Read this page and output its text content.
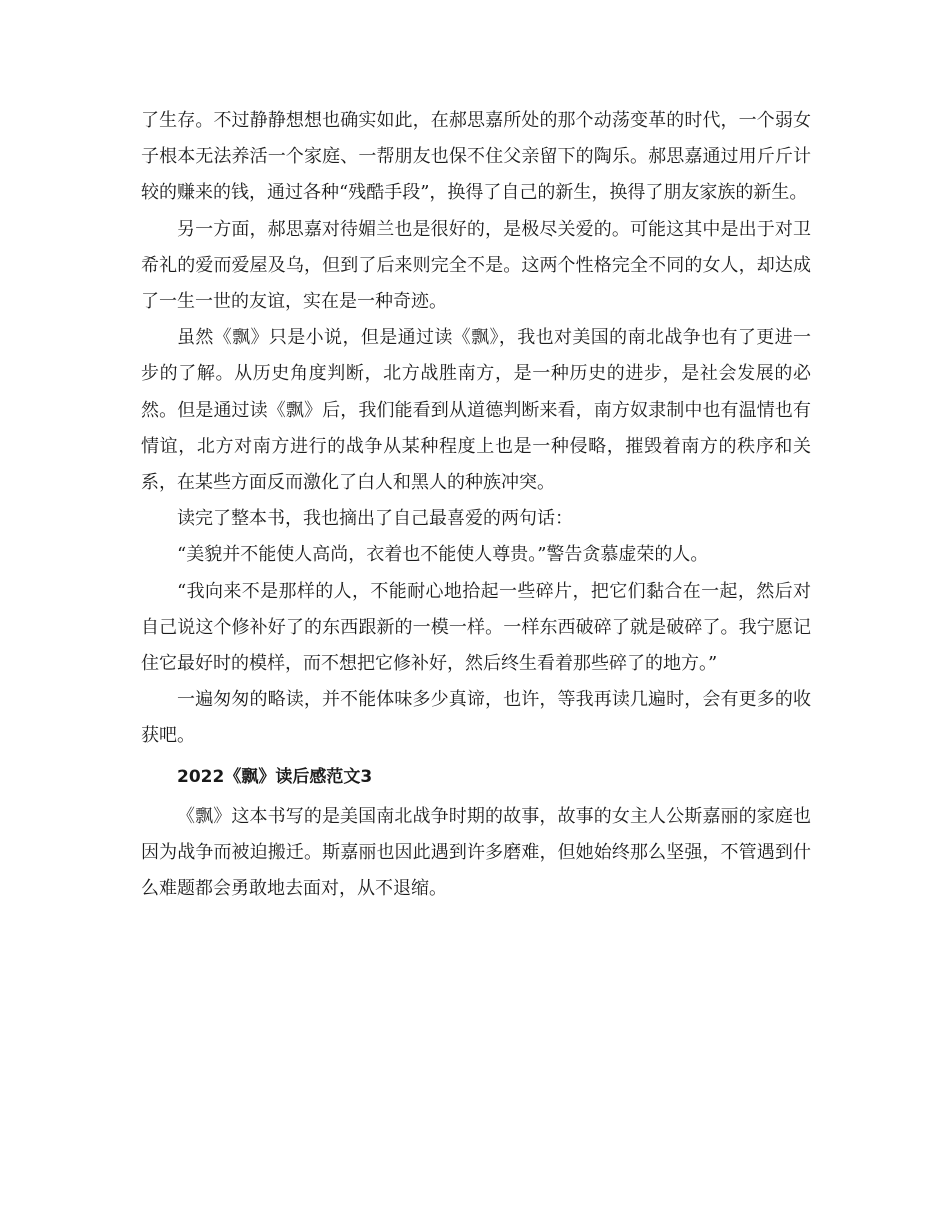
了生存。不过静静想想也确实如此，在郝思嘉所处的那个动荡变革的时代，一个弱女子根本无法养活一个家庭、一帮朋友也保不住父亲留下的陶乐。郝思嘉通过用斤斤计较的赚来的钱，通过各种“残酷手段”，换得了自己的新生，换得了朋友家族的新生。

另一方面，郝思嘉对待媚兰也是很好的，是极尽关爱的。可能这其中是出于对卫希礼的爱而爱屋及乌，但到了后来则完全不是。这两个性格完全不同的女人，却达成了一生一世的友谊，实在是一种奇迹。

虽然《飘》只是小说，但是通过读《飘》，我也对美国的南北战争也有了更进一步的了解。从历史角度判断，北方战胜南方，是一种历史的进步，是社会发展的必然。但是通过读《飘》后，我们能看到从道德判断来看，南方奴隶制中也有温情也有情谊，北方对南方进行的战争从某种程度上也是一种侵略，摧毁着南方的秩序和关系，在某些方面反而激化了白人和黑人的种族冲突。

读完了整本书，我也摘出了自己最喜爱的两句话：

“美貌并不能使人高尚，衣着也不能使人尊贵。”警告贪慕虚荣的人。

“我向来不是那样的人，不能耐心地拾起一些碎片，把它们黏合在一起，然后对自己说这个修补好了的东西跟新的一模一样。一样东西破碎了就是破碎了。我宁愿记住它最好时的模样，而不想把它修补好，然后终生看着那些碎了的地方。”

一遍匆匆的略读，并不能体味多少真谛，也许，等我再读几遍时，会有更多的收获吧。

2022《飘》读后感范文3

《飘》这本书写的是美国南北战争时期的故事，故事的女主人公斯嘉丽的家庭也因为战争而被迫搬迁。斯嘉丽也因此遇到许多磨难，但她始终那么坚强，不管遇到什么难题都会勇敢地去面对，从不退缩。
